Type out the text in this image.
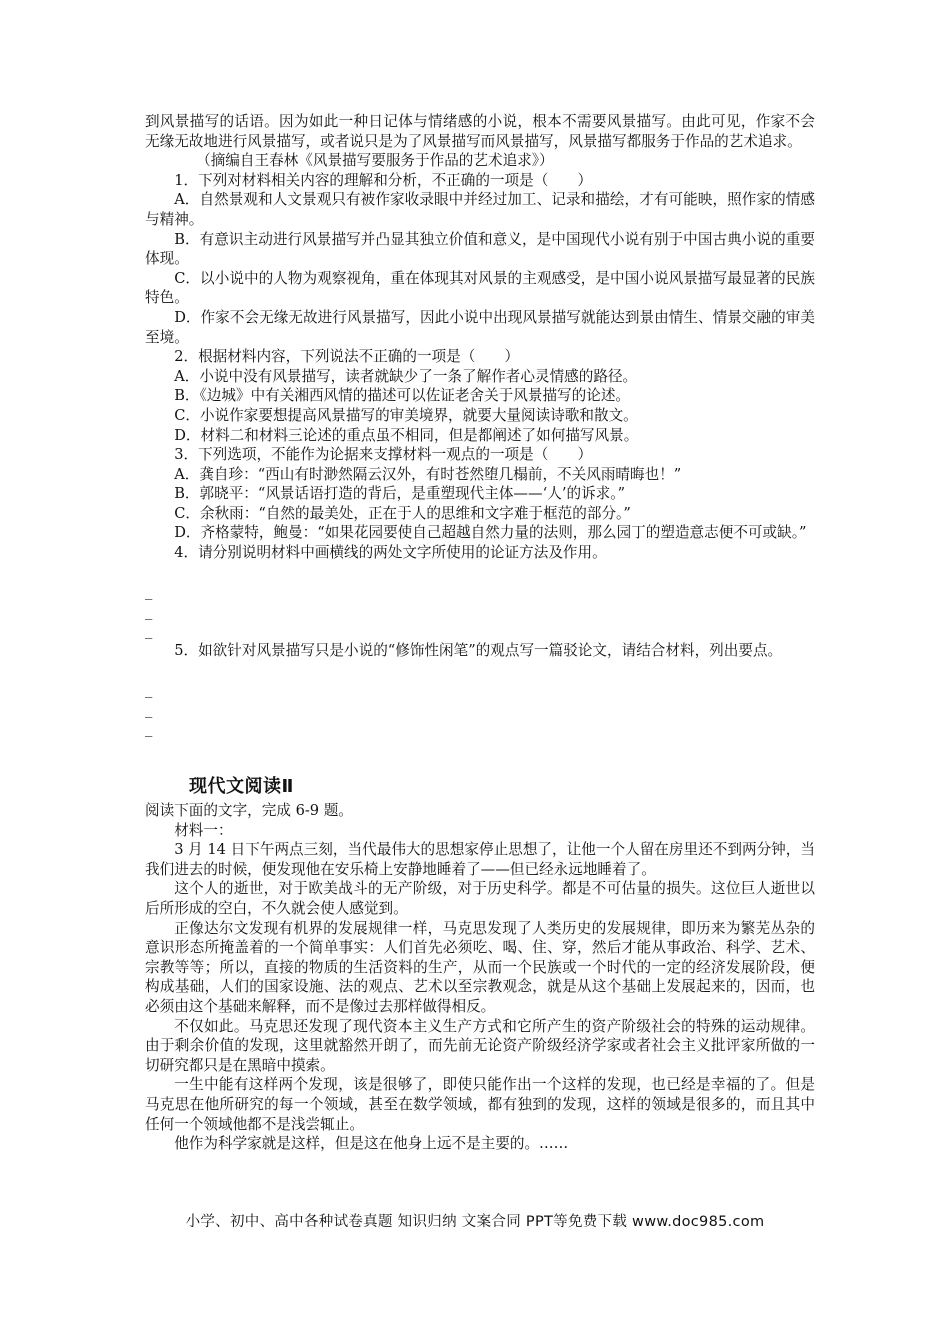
到风景描写的话语。因为如此一种日记体与情绪感的小说，根本不需要风景描写。由此可见，作家不会无缘无故地进行风景描写，或者说只是为了风景描写而风景描写，风景描写都服务于作品的艺术追求。

（摘编自王春林《风景描写要服务于作品的艺术追求》）

1．下列对材料相关内容的理解和分析，不正确的一项是（　　）

A．自然景观和人文景观只有被作家收录眼中并经过加工、记录和描绘，才有可能映，照作家的情感与精神。

B．有意识主动进行风景描写并凸显其独立价值和意义，是中国现代小说有别于中国古典小说的重要体现。

C．以小说中的人物为观察视角，重在体现其对风景的主观感受，是中国小说风景描写最显著的民族特色。

D．作家不会无缘无故进行风景描写，因此小说中出现风景描写就能达到景由情生、情景交融的审美至境。

2．根据材料内容，下列说法不正确的一项是（　　）

A．小说中没有风景描写，读者就缺少了一条了解作者心灵情感的路径。

B．《边城》中有关湘西风情的描述可以佐证老舍关于风景描写的论述。

C．小说作家要想提高风景描写的审美境界，就要大量阅读诗歌和散文。

D．材料二和材料三论述的重点虽不相同，但是都阐述了如何描写风景。

3．下列选项，不能作为论据来支撑材料一观点的一项是（　　）

A．龚自珍：“西山有时渺然隔云汉外，有时苍然堕几榻前，不关风雨晴晦也！”

B．郭晓平：“风景话语打造的背后，是重塑现代主体——‘人’的诉求。”

C．余秋雨：“自然的最美处，正在于人的思维和文字难于框范的部分。”

D．齐格蒙特，鲍曼：“如果花园要使自己超越自然力量的法则，那么园丁的塑造意志便不可或缺。”

4．请分别说明材料中画横线的两处文字所使用的论证方法及作用。

_
_
_

5．如欲针对风景描写只是小说的“修饰性闲笔”的观点写一篇驳论文，请结合材料，列出要点。

_
_
_
现代文阅读Ⅱ

阅读下面的文字，完成 6-9 题。

材料一：

3 月 14 日下午两点三刻，当代最伟大的思想家停止思想了，让他一个人留在房里还不到两分钟，当我们进去的时候，便发现他在安乐椅上安静地睡着了——但已经永远地睡着了。

这个人的逝世，对于欧美战斗的无产阶级，对于历史科学。都是不可估量的损失。这位巨人逝世以后所形成的空白，不久就会使人感觉到。

正像达尔文发现有机界的发展规律一样，马克思发现了人类历史的发展规律，即历来为繁芜丛杂的意识形态所掩盖着的一个简单事实：人们首先必须吃、喝、住、穿，然后才能从事政治、科学、艺术、宗教等等；所以，直接的物质的生活资料的生产，从而一个民族或一个时代的一定的经济发展阶段，便构成基础，人们的国家设施、法的观点、艺术以至宗教观念，就是从这个基础上发展起来的，因而，也必须由这个基础来解释，而不是像过去那样做得相反。

不仅如此。马克思还发现了现代资本主义生产方式和它所产生的资产阶级社会的特殊的运动规律。由于剩余价值的发现，这里就豁然开朗了，而先前无论资产阶级经济学家或者社会主义批评家所做的一切研究都只是在黑暗中摸索。

一生中能有这样两个发现，该是很够了，即使只能作出一个这样的发现，也已经是幸福的了。但是马克思在他所研究的每一个领域，甚至在数学领域，都有独到的发现，这样的领域是很多的，而且其中任何一个领域他都不是浅尝辄止。

他作为科学家就是这样，但是这在他身上远不是主要的。……

小学、初中、高中各种试卷真题 知识归纳 文案合同 PPT等免费下载 www.doc985.com
